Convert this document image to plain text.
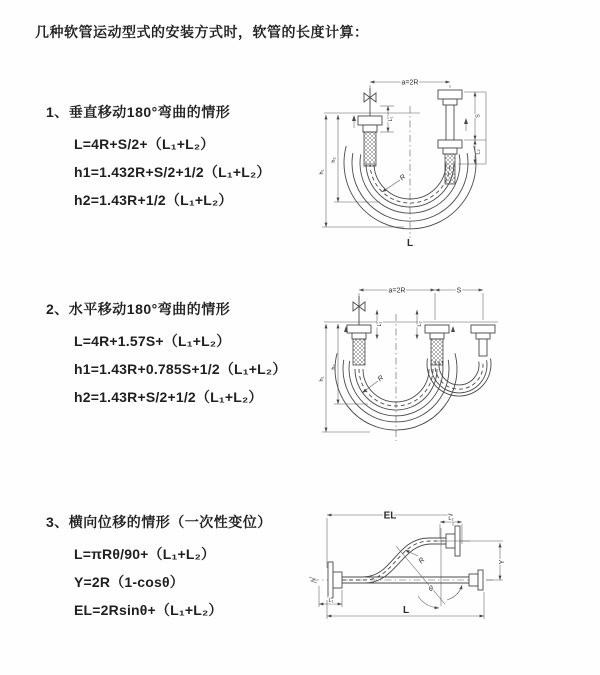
几种软管运动型式的安装方式时，软管的长度计算：
1、垂直移动180°弯曲的情形
L=4R+S/2+（L₁+L₂）
h1=1.432R+S/2+1/2（L₁+L₂）
h2=1.43R+1/2（L₁+L₂）
2、水平移动180°弯曲的情形
L=4R+1.57S+（L₁+L₂）
h1=1.43R+0.785S+1/2（L₁+L₂）
h2=1.43R+S/2+1/2（L₁+L₂）
3、横向位移的情形（一次性变位）
L=πRθ/90+（L₁+L₂）
Y=2R（1-cosθ）
EL=2Rsinθ+（L₁+L₂）
a=2R
L₁
S
L₂
h₁
h₂
R
L
a=2R	S
L₁	L₂
h₁
h₂
R
EL	L₂
Y
θ
R
L₁
L
